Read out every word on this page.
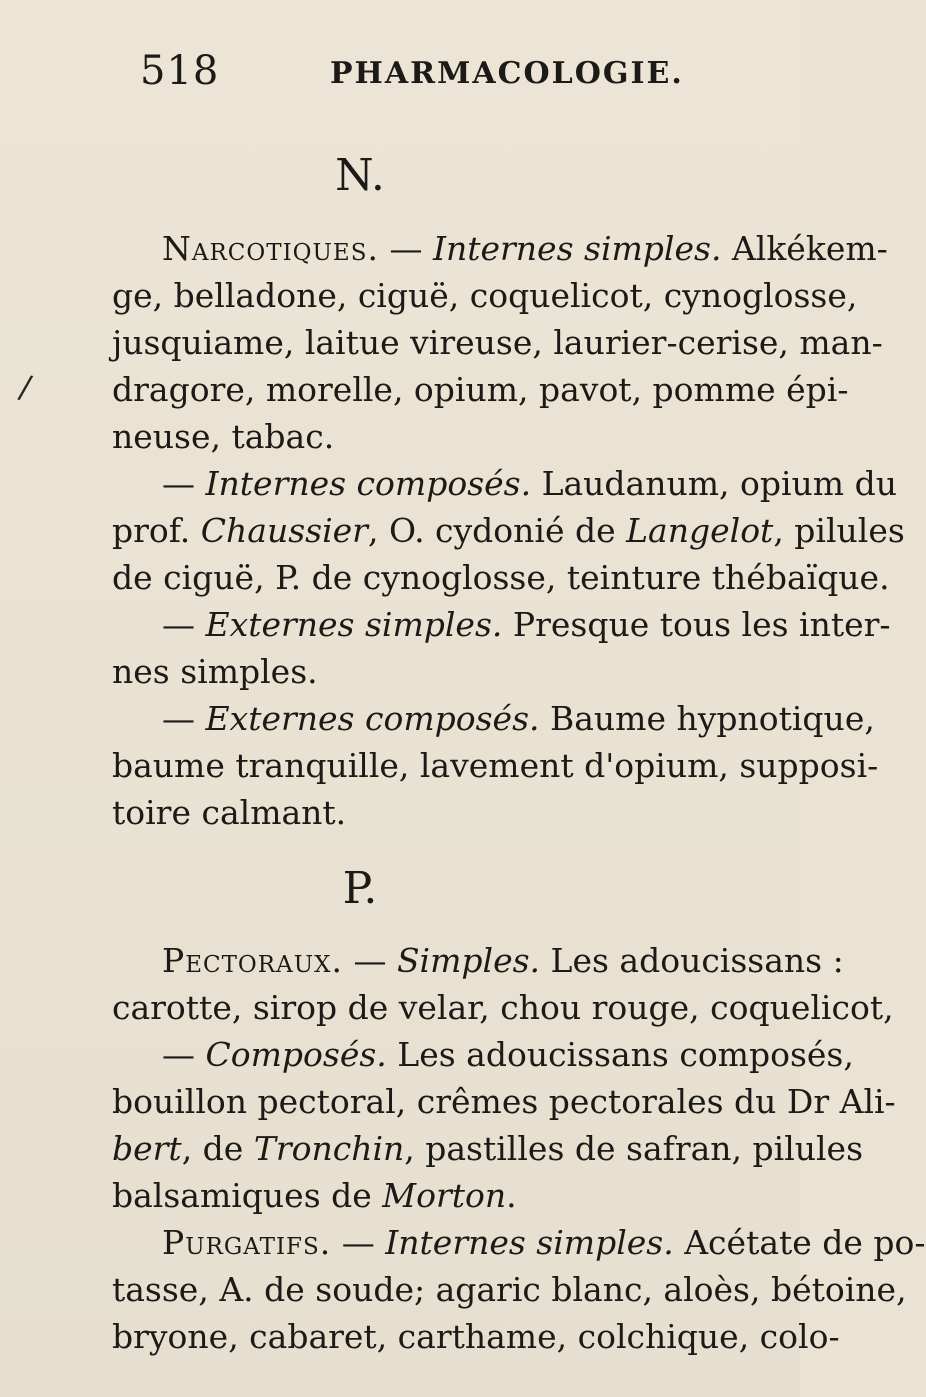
518	PHARMACOLOGIE.
N.
/
Narcotiques. — Internes simples. Alkékem-
ge, belladone, ciguë, coquelicot, cynoglosse,
jusquiame, laitue vireuse, laurier-cerise, man-
dragore, morelle, opium, pavot, pomme épi-
neuse, tabac.
— Internes composés. Laudanum, opium du
prof. Chaussier, O. cydonié de Langelot, pilules
de ciguë, P. de cynoglosse, teinture thébaïque.
— Externes simples. Presque tous les inter-
nes simples.
— Externes composés. Baume hypnotique,
baume tranquille, lavement d'opium, supposi-
toire calmant.
P.
Pectoraux. — Simples. Les adoucissans :
carotte, sirop de velar, chou rouge, coquelicot,
— Composés. Les adoucissans composés,
bouillon pectoral, crêmes pectorales du Dr Ali-
bert, de Tronchin, pastilles de safran, pilules
balsamiques de Morton.
Purgatifs. — Internes simples. Acétate de po-
tasse, A. de soude; agaric blanc, aloès, bétoine,
bryone, cabaret, carthame, colchique, colo-
